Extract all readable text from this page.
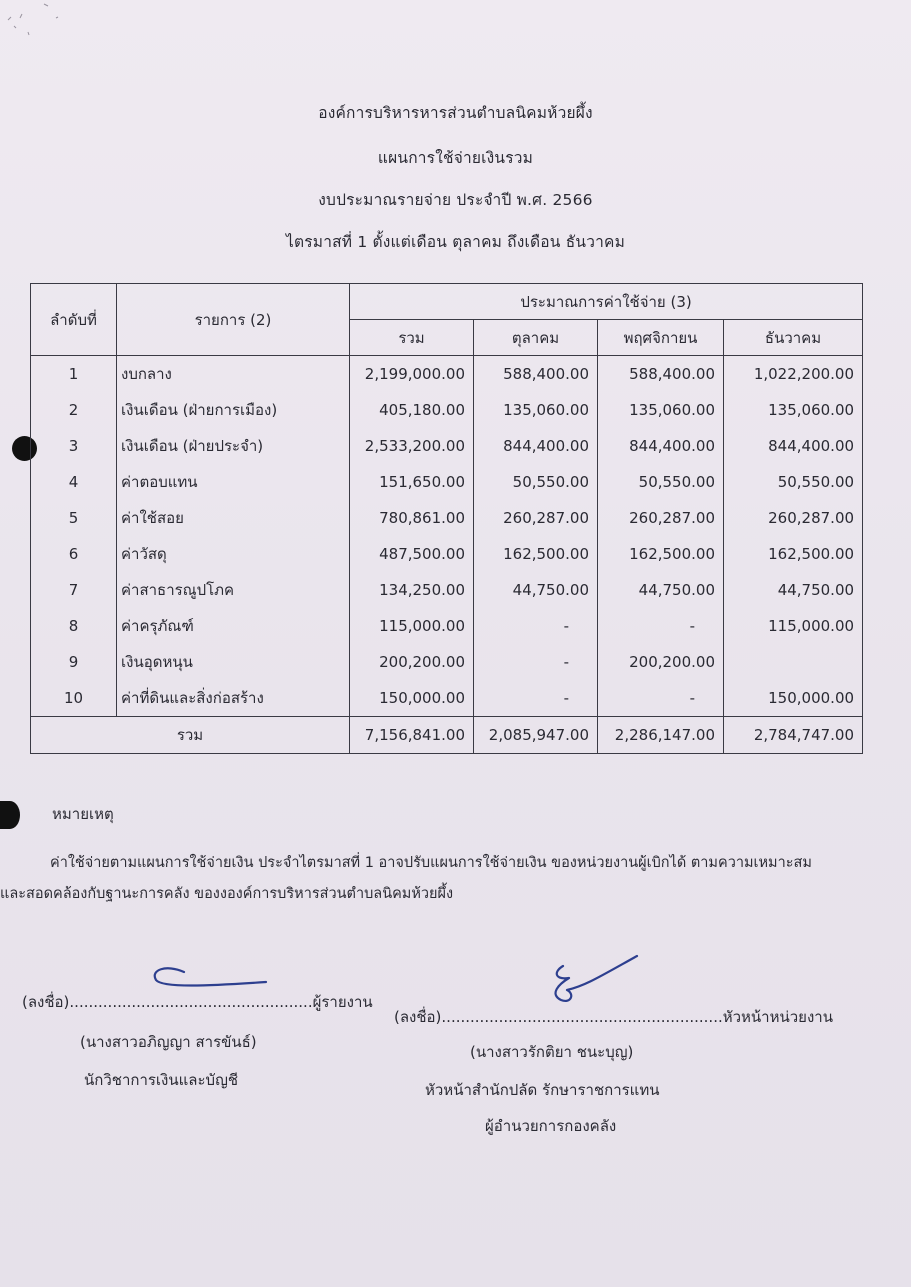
องค์การบริหารหารส่วนตำบลนิคมห้วยผึ้ง
แผนการใช้จ่ายเงินรวม
งบประมาณรายจ่าย ประจำปี พ.ศ. 2566
ไตรมาสที่ 1 ตั้งแต่เดือน ตุลาคม ถึงเดือน ธันวาคม
ลำดับที่	รายการ (2)	ประมาณการค่าใช้จ่าย (3)			
		รวม	ตุลาคม	พฤศจิกายน	ธันวาคม
1	งบกลาง	2,199,000.00	588,400.00	588,400.00	1,022,200.00
2	เงินเดือน (ฝ่ายการเมือง)	405,180.00	135,060.00	135,060.00	135,060.00
3	เงินเดือน (ฝ่ายประจำ)	2,533,200.00	844,400.00	844,400.00	844,400.00
4	ค่าตอบแทน	151,650.00	50,550.00	50,550.00	50,550.00
5	ค่าใช้สอย	780,861.00	260,287.00	260,287.00	260,287.00
6	ค่าวัสดุ	487,500.00	162,500.00	162,500.00	162,500.00
7	ค่าสาธารณูปโภค	134,250.00	44,750.00	44,750.00	44,750.00
8	ค่าครุภัณฑ์	115,000.00	-	-	115,000.00
9	เงินอุดหนุน	200,200.00	-	200,200.00	
10	ค่าที่ดินและสิ่งก่อสร้าง	150,000.00	-	-	150,000.00
รวม		7,156,841.00	2,085,947.00	2,286,147.00	2,784,747.00
หมายเหตุ
ค่าใช้จ่ายตามแผนการใช้จ่ายเงิน ประจำไตรมาสที่ 1 อาจปรับแผนการใช้จ่ายเงิน ของหน่วยงานผู้เบิกได้ ตามความเหมาะสม
และสอดคล้องกับฐานะการคลัง ของงองค์การบริหารส่วนตำบลนิคมห้วยผึ้ง
(ลงชื่อ)...................................................ผู้รายงาน
(นางสาวอภิญญา สารขันธ์)
นักวิชาการเงินและบัญชี
(ลงชื่อ)...........................................................หัวหน้าหน่วยงาน
(นางสาวรักติยา ชนะบุญ)
หัวหน้าสำนักปลัด รักษาราชการแทน
ผู้อำนวยการกองคลัง
